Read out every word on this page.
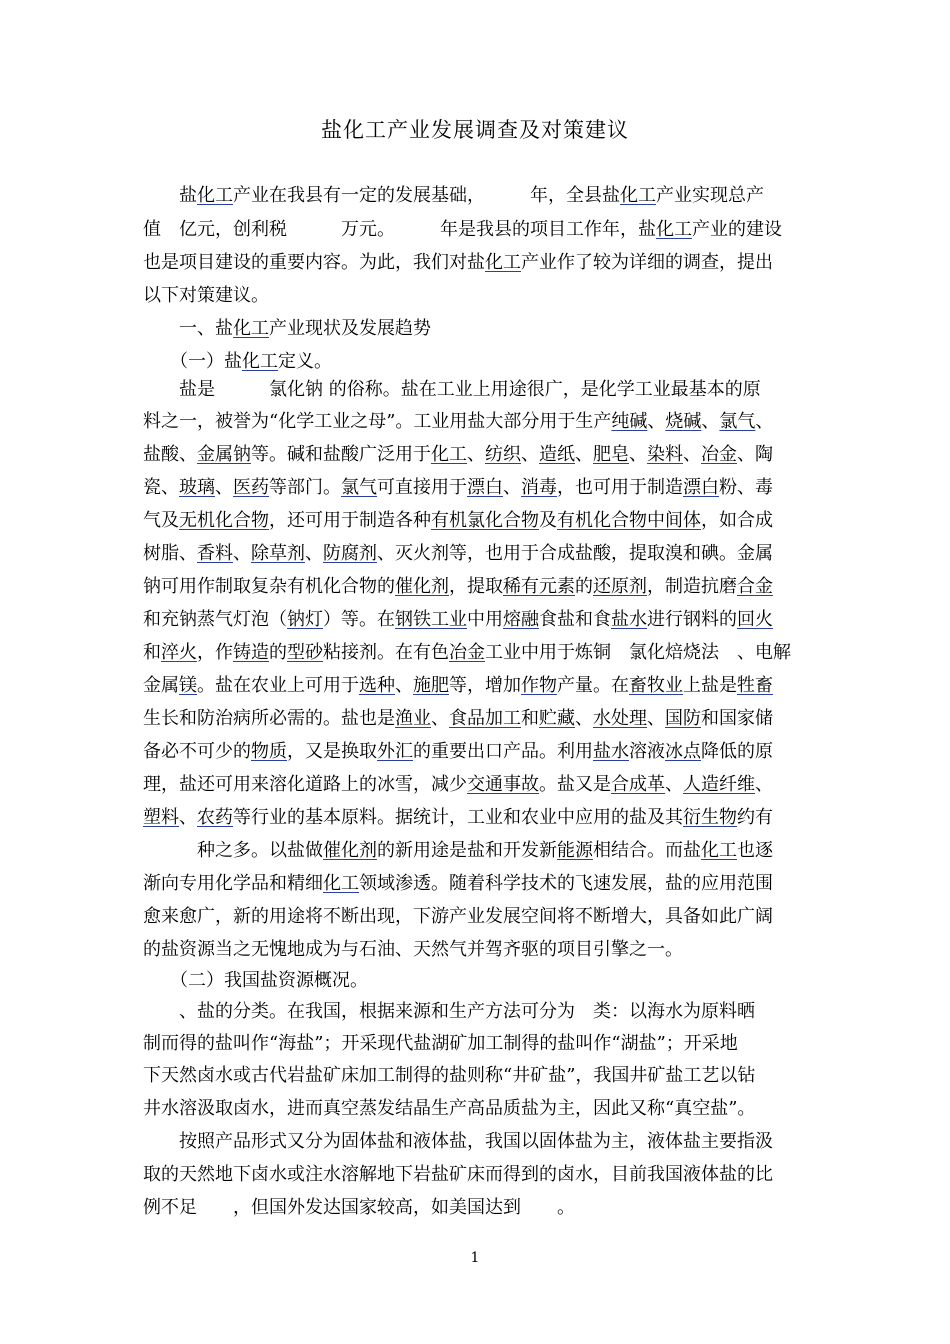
盐化工产业发展调查及对策建议
　　盐化工产业在我县有一定的发展基础，　　　年，全县盐化工产业实现总产
值　亿元，创利税　　　万元。　　　年是我县的项目工作年，盐化工产业的建设
也是项目建设的重要内容。为此，我们对盐化工产业作了较为详细的调查，提出
以下对策建议。
　　一、盐化工产业现状及发展趋势
　　（一）盐化工定义。
　　盐是　　　氯化钠 的俗称。盐在工业上用途很广，是化学工业最基本的原
料之一，被誉为“化学工业之母”。工业用盐大部分用于生产纯碱、烧碱、氯气、
盐酸、金属钠等。碱和盐酸广泛用于化工、纺织、造纸、肥皂、染料、冶金、陶
瓷、玻璃、医药等部门。氯气可直接用于漂白、消毒，也可用于制造漂白粉、毒
气及无机化合物，还可用于制造各种有机氯化合物及有机化合物中间体，如合成
树脂、香料、除草剂、防腐剂、灭火剂等，也用于合成盐酸，提取溴和碘。金属
钠可用作制取复杂有机化合物的催化剂，提取稀有元素的还原剂，制造抗磨合金
和充钠蒸气灯泡（钠灯）等。在钢铁工业中用熔融食盐和食盐水进行钢料的回火
和淬火，作铸造的型砂粘接剂。在有色冶金工业中用于炼铜　氯化焙烧法　、电解
金属镁。盐在农业上可用于选种、施肥等，增加作物产量。在畜牧业上盐是牲畜
生长和防治病所必需的。盐也是渔业、食品加工和贮藏、水处理、国防和国家储
备必不可少的物质，又是换取外汇的重要出口产品。利用盐水溶液冰点降低的原
理，盐还可用来溶化道路上的冰雪，减少交通事故。盐又是合成革、人造纤维、
塑料、农药等行业的基本原料。据统计，工业和农业中应用的盐及其衍生物约有
　　　种之多。以盐做催化剂的新用途是盐和开发新能源相结合。而盐化工也逐
渐向专用化学品和精细化工领域渗透。随着科学技术的飞速发展，盐的应用范围
愈来愈广，新的用途将不断出现，下游产业发展空间将不断增大，具备如此广阔
的盐资源当之无愧地成为与石油、天然气并驾齐驱的项目引擎之一。
　　（二）我国盐资源概况。
　　、盐的分类。在我国，根据来源和生产方法可分为　类：以海水为原料晒
制而得的盐叫作“海盐”；开采现代盐湖矿加工制得的盐叫作“湖盐”；开采地
下天然卤水或古代岩盐矿床加工制得的盐则称“井矿盐”，我国井矿盐工艺以钻
井水溶汲取卤水，进而真空蒸发结晶生产高品质盐为主，因此又称“真空盐”。
　　按照产品形式又分为固体盐和液体盐，我国以固体盐为主，液体盐主要指汲
取的天然地下卤水或注水溶解地下岩盐矿床而得到的卤水，目前我国液体盐的比
例不足　　，但国外发达国家较高，如美国达到　　。
1
